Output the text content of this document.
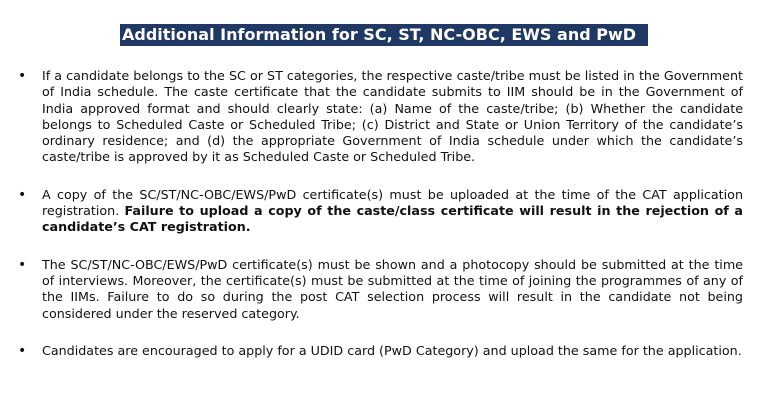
Additional Information for SC, ST, NC-OBC, EWS and PwD
• If a candidate belongs to the SC or ST categories, the respective caste/tribe must be listed in the Government of India schedule. The caste certificate that the candidate submits to IIM should be in the Government of India approved format and should clearly state: (a) Name of the caste/tribe; (b) Whether the candidate belongs to Scheduled Caste or Scheduled Tribe; (c) District and State or Union Territory of the candidate’s ordinary residence; and (d) the appropriate Government of India schedule under which the candidate’s caste/tribe is approved by it as Scheduled Caste or Scheduled Tribe.
• A copy of the SC/ST/NC-OBC/EWS/PwD certificate(s) must be uploaded at the time of the CAT application registration. Failure to upload a copy of the caste/class certificate will result in the rejection of a candidate’s CAT registration.
• The SC/ST/NC-OBC/EWS/PwD certificate(s) must be shown and a photocopy should be submitted at the time of interviews. Moreover, the certificate(s) must be submitted at the time of joining the programmes of any of the IIMs. Failure to do so during the post CAT selection process will result in the candidate not being considered under the reserved category.
• Candidates are encouraged to apply for a UDID card (PwD Category) and upload the same for the application.
